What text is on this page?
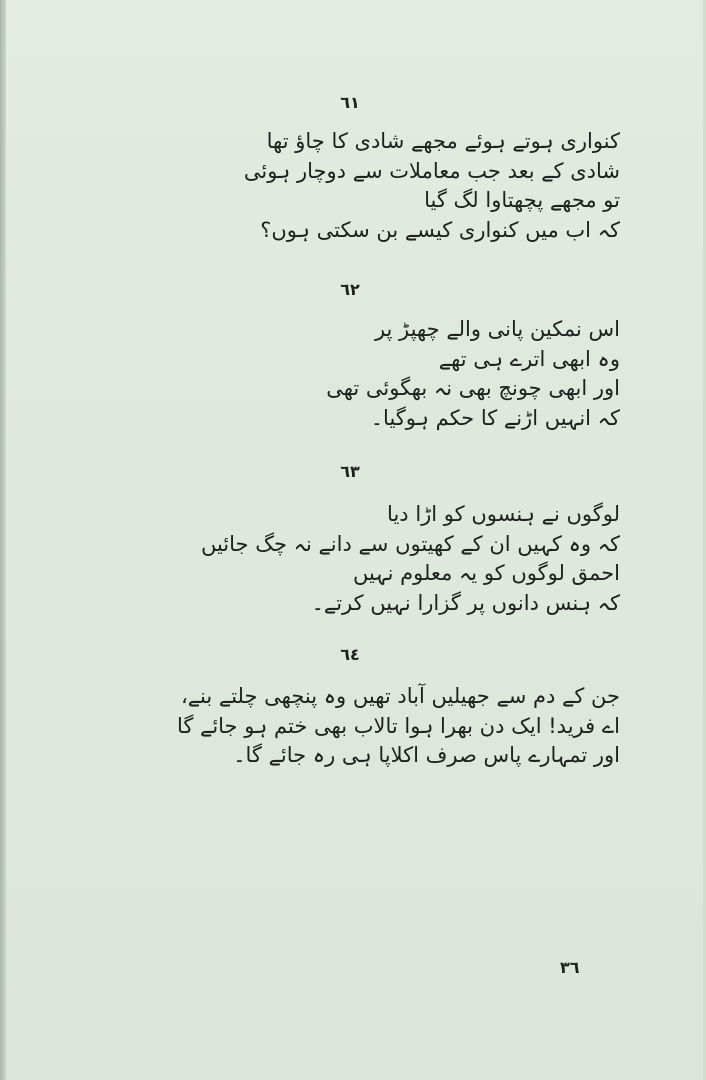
٦١
کنواری ہوتے ہوئے مجھے شادی کا چاؤ تھا
شادی کے بعد جب معاملات سے دوچار ہوئی
تو مجھے پچھتاوا لگ گیا
کہ اب میں کنواری کیسے بن سکتی ہوں؟
٦٢
اس نمکین پانی والے چھپڑ پر
وہ ابھی اترے ہی تھے
اور ابھی چونچ بھی نہ بھگوئی تھی
کہ انہیں اڑنے کا حکم ہوگیا۔
٦٣
لوگوں نے ہنسوں کو اڑا دیا
کہ وہ کہیں ان کے کھیتوں سے دانے نہ چگ جائیں
احمق لوگوں کو یہ معلوم نہیں
کہ ہنس دانوں پر گزارا نہیں کرتے۔
٦٤
جن کے دم سے جھیلیں آباد تھیں وہ پنچھی چلتے بنے،
اے فرید! ایک دن بھرا ہوا تالاب بھی ختم ہو جائے گا
اور تمہارے پاس صرف اکلاپا ہی رہ جائے گا۔
٣٦
